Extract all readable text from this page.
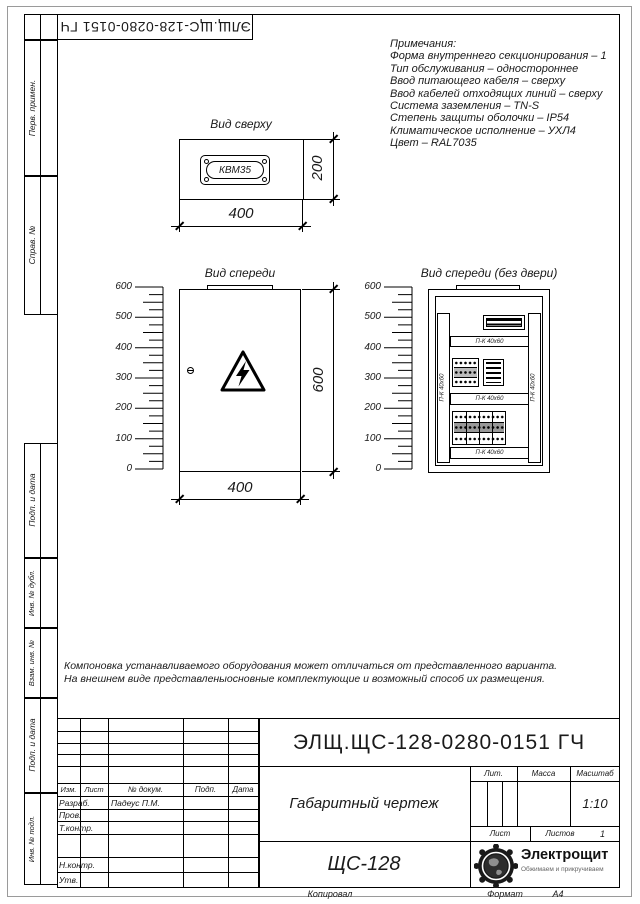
Перв. примен.
Справ. №
Подп. и дата
Инв. № дубл.
Взам. инв. №
Подп. и дата
Инв. № подл.
ЭЛЩ.ЩС-128-0280-0151 ГЧ
Примечания:
Форма внутреннего секционирования – 1
Тип обслуживания – одностороннее
Ввод питающего кабеля – сверху
Ввод кабелей отходящих линий – сверху
Система заземления – TN-S
Степень защиты оболочки – IP54
Климатическое исполнение – УХЛ4
Цвет – RAL7035
Вид сверху
КВМ35
400
200
Вид спереди
600
500
400
300
200
100
0
600
400
Вид спереди (без двери)
600
500
400
300
200
100
0
П-К 40х60	П-К 40х60
П-К 40х60
П-К 40х60
П-К 40х60
Компоновка устанавливаемого оборудования может отличаться от представленного варианта.
На внешнем виде представленыосновные комплектующие и возможный способ их размещения.
Изм.	Лист	№ докум.	Подп.	Дата
Разраб.	Падеус П.М.
Пров.
Т.контр.
Н.контр.
Утв.
ЭЛЩ.ЩС-128-0280-0151 ГЧ
Габаритный чертеж
ЩС-128
Лит.	Масса	Масштаб
1:10
Лист	Листов	1
Электрощит
Обжимаем и прикручиваем
Копировал	Формат	А4
